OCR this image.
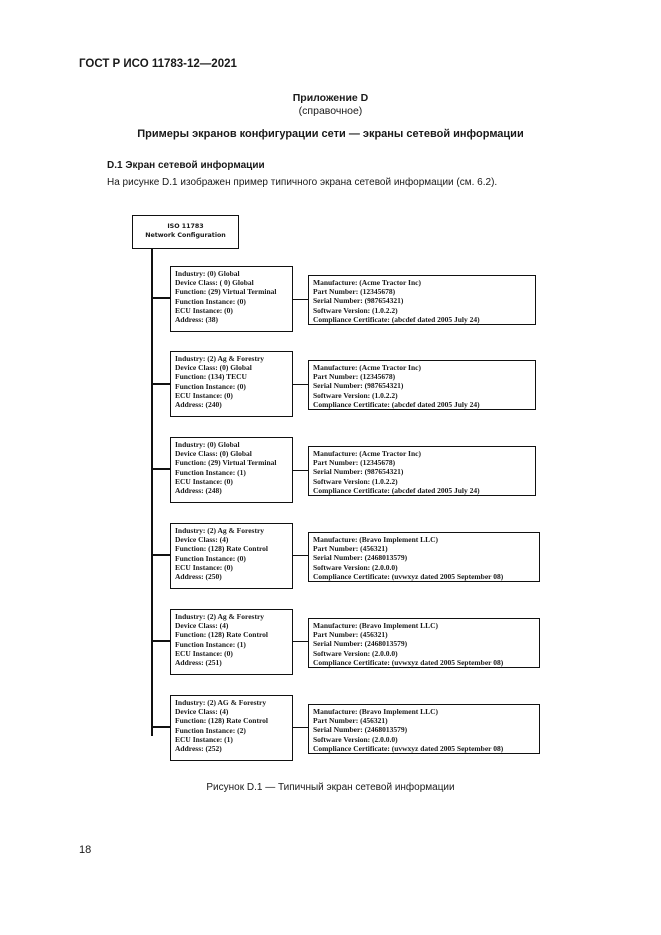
ГОСТ Р ИСО 11783-12—2021
Приложение D
(справочное)
Примеры экранов конфигурации сети — экраны сетевой информации
D.1 Экран сетевой информации
На рисунке D.1 изображен пример типичного экрана сетевой информации (см. 6.2).
ISO 11783
Network Configuration
Industry: (0) Global
Device Class: ( 0) Global
Function: (29) Virtual Terminal
Function Instance: (0)
ECU Instance: (0)
Address: (38)
Manufacture: (Acme Tractor Inc)
Part Number: (12345678)
Serial Number: (987654321)
Software Version: (1.0.2.2)
Compliance Certificate: (abcdef dated 2005 July 24)
Industry: (2) Ag & Forestry
Device Class: (0) Global
Function: (134) TECU
Function Instance: (0)
ECU Instance: (0)
Address: (240)
Manufacture: (Acme Tractor Inc)
Part Number: (12345678)
Serial Number: (987654321)
Software Version: (1.0.2.2)
Compliance Certificate: (abcdef dated 2005 July 24)
Industry: (0) Global
Device Class: (0) Global
Function: (29) Virtual Terminal
Function Instance: (1)
ECU Instance: (0)
Address: (248)
Manufacture: (Acme Tractor Inc)
Part Number: (12345678)
Serial Number: (987654321)
Software Version: (1.0.2.2)
Compliance Certificate: (abcdef dated 2005 July 24)
Industry: (2) Ag & Forestry
Device Class: (4)
Function: (128) Rate Control
Function Instance: (0)
ECU Instance: (0)
Address: (250)
Manufacture: (Bravo Implement LLC)
Part Number: (456321)
Serial Number: (2468013579)
Software Version: (2.0.0.0)
Compliance Certificate: (uvwxyz dated 2005 September 08)
Industry: (2) Ag & Forestry
Device Class: (4)
Function: (128) Rate Control
Function Instance: (1)
ECU Instance: (0)
Address: (251)
Manufacture: (Bravo Implement LLC)
Part Number: (456321)
Serial Number: (2468013579)
Software Version: (2.0.0.0)
Compliance Certificate: (uvwxyz dated 2005 September 08)
Industry: (2) AG & Forestry
Device Class: (4)
Function: (128) Rate Control
Function Instance: (2)
ECU Instance: (1)
Address: (252)
Manufacture: (Bravo Implement LLC)
Part Number: (456321)
Serial Number: (2468013579)
Software Version: (2.0.0.0)
Compliance Certificate: (uvwxyz dated 2005 September 08)
Рисунок D.1 — Типичный экран сетевой информации
18
